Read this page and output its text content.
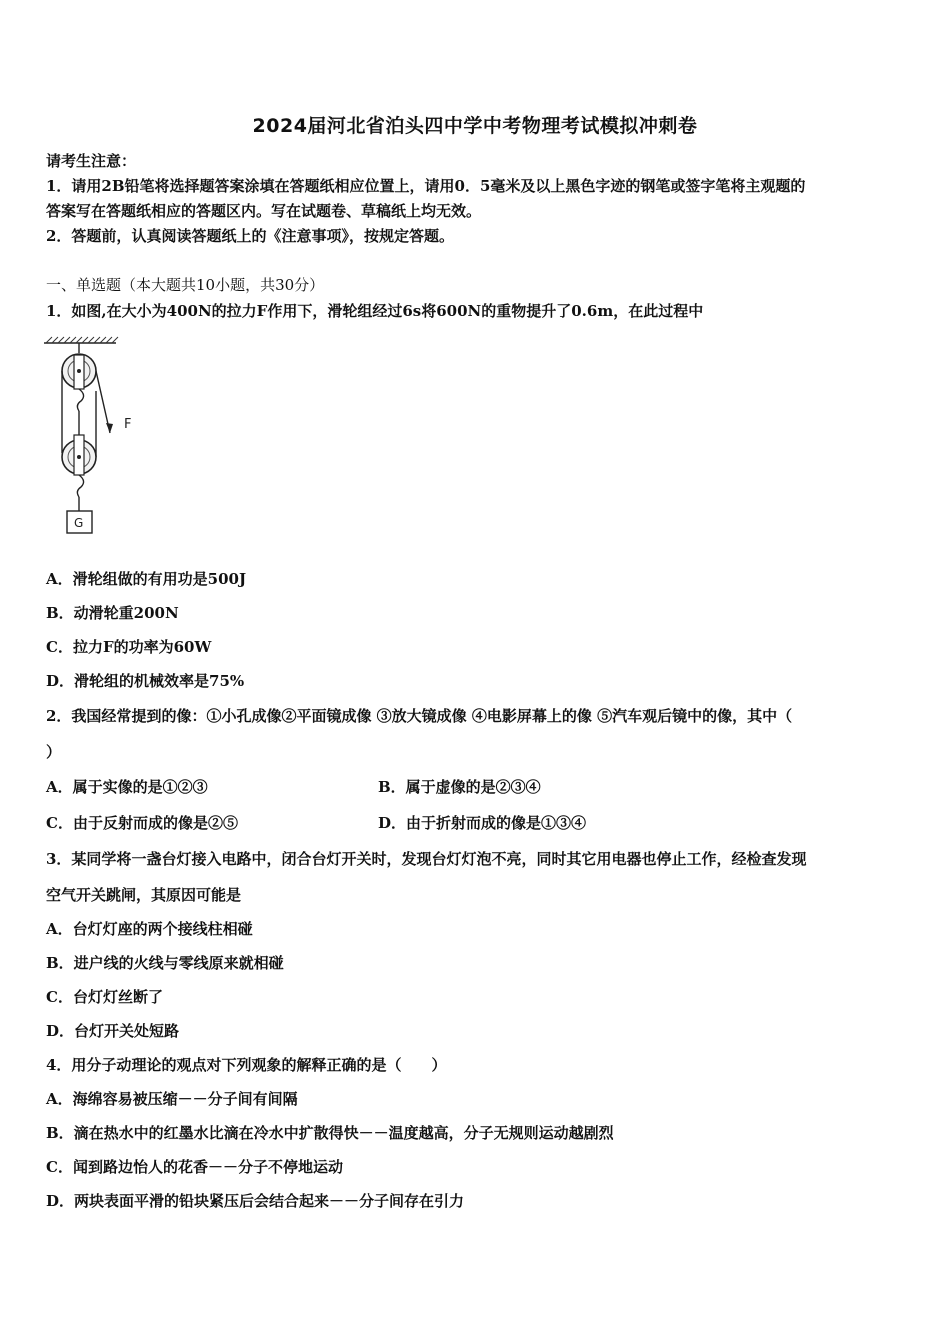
2024届河北省泊头四中学中考物理考试模拟冲刺卷
请考生注意：
1．请用2B铅笔将选择题答案涂填在答题纸相应位置上，请用0．5毫米及以上黑色字迹的钢笔或签字笔将主观题的
答案写在答题纸相应的答题区内。写在试题卷、草稿纸上均无效。
2．答题前，认真阅读答题纸上的《注意事项》，按规定答题。
一、单选题（本大题共10小题，共30分）
1．如图,在大小为400N的拉力F作用下，滑轮组经过6s将600N的重物提升了0.6m，在此过程中
F
G
A．滑轮组做的有用功是500J
B．动滑轮重200N
C．拉力F的功率为60W
D．滑轮组的机械效率是75%
2．我国经常提到的像：①小孔成像②平面镜成像 ③放大镜成像 ④电影屏幕上的像 ⑤汽车观后镜中的像，其中（
）
A．属于实像的是①②③	B．属于虚像的是②③④
C．由于反射而成的像是②⑤	D．由于折射而成的像是①③④
3．某同学将一盏台灯接入电路中，闭合台灯开关时，发现台灯灯泡不亮，同时其它用电器也停止工作，经检查发现
空气开关跳闸，其原因可能是
A．台灯灯座的两个接线柱相碰
B．进户线的火线与零线原来就相碰
C．台灯灯丝断了
D．台灯开关处短路
4．用分子动理论的观点对下列观象的解释正确的是（　　）
A．海绵容易被压缩－－分子间有间隔
B．滴在热水中的红墨水比滴在冷水中扩散得快－－温度越高，分子无规则运动越剧烈
C．闻到路边怡人的花香－－分子不停地运动
D．两块表面平滑的铅块紧压后会结合起来－－分子间存在引力
